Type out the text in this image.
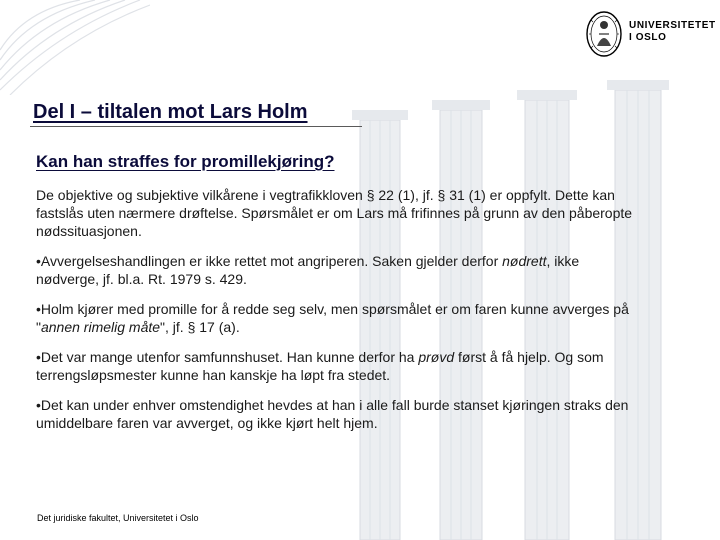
UNIVERSITETET
I OSLO
Del I – tiltalen mot Lars Holm
Kan han straffes for promillekjøring?

De objektive og subjektive vilkårene i vegtrafikkloven § 22 (1), jf. § 31 (1) er oppfylt. Dette kan fastslås uten nærmere drøftelse. Spørsmålet er om Lars må frifinnes på grunn av den påberopte nødssituasjonen.

•Avvergelseshandlingen er ikke rettet mot angriperen. Saken gjelder derfor nødrett, ikke nødverge, jf. bl.a. Rt. 1979 s. 429.

•Holm kjører med promille for å redde seg selv, men spørsmålet er om faren kunne avverges på "annen rimelig måte", jf. § 17 (a).

•Det var mange utenfor samfunnshuset. Han kunne derfor ha prøvd først å få hjelp. Og som terrengsløpsmester kunne han kanskje ha løpt fra stedet.

•Det kan under enhver omstendighet hevdes at han i alle fall burde stanset kjøringen straks den umiddelbare faren var avverget, og ikke kjørt helt hjem.

Det juridiske fakultet, Universitetet i Oslo
